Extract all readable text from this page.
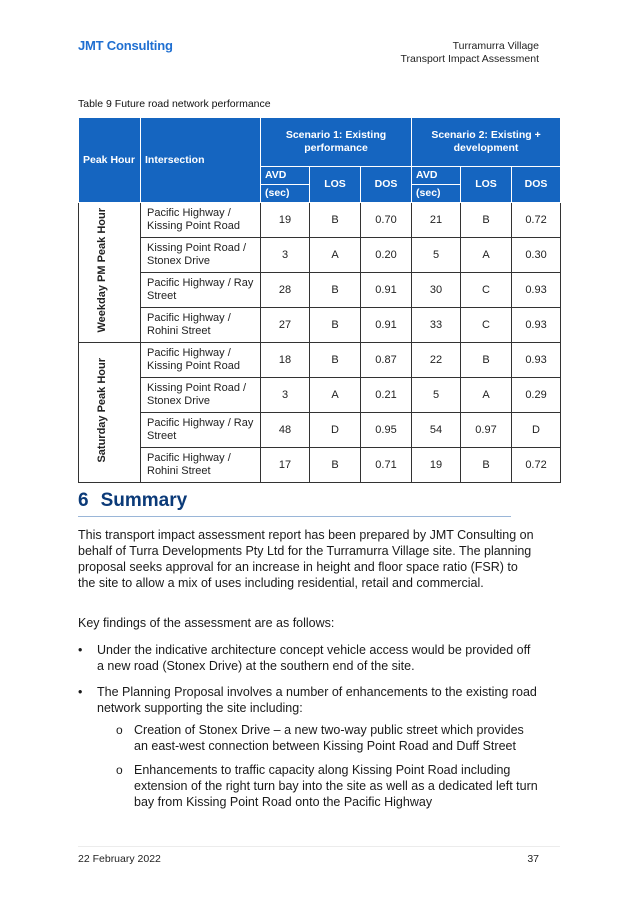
JMT Consulting	Turramurra Village
Transport Impact Assessment
Table 9 Future road network performance
Peak Hour	Intersection	Scenario 1: Existing performance			Scenario 2: Existing + development		
		AVD	LOS	DOS	AVD	LOS	DOS
		(sec)			(sec)		
Weekday PM Peak Hour	Pacific Highway / Kissing Point Road	19	B	0.70	21	B	0.72
	Kissing Point Road / Stonex Drive	3	A	0.20	5	A	0.30
	Pacific Highway / Ray Street	28	B	0.91	30	C	0.93
	Pacific Highway / Rohini Street	27	B	0.91	33	C	0.93
Saturday Peak Hour	Pacific Highway / Kissing Point Road	18	B	0.87	22	B	0.93
	Kissing Point Road / Stonex Drive	3	A	0.21	5	A	0.29
	Pacific Highway / Ray Street	48	D	0.95	54	0.97	D
	Pacific Highway / Rohini Street	17	B	0.71	19	B	0.72
6 Summary

This transport impact assessment report has been prepared by JMT Consulting on behalf of Turra Developments Pty Ltd for the Turramurra Village site. The planning proposal seeks approval for an increase in height and floor space ratio (FSR) to the site to allow a mix of uses including residential, retail and commercial.

Key findings of the assessment are as follows:

• Under the indicative architecture concept vehicle access would be provided off a new road (Stonex Drive) at the southern end of the site.
• The Planning Proposal involves a number of enhancements to the existing road network supporting the site including:
o Creation of Stonex Drive – a new two-way public street which provides an east-west connection between Kissing Point Road and Duff Street
o Enhancements to traffic capacity along Kissing Point Road including extension of the right turn bay into the site as well as a dedicated left turn bay from Kissing Point Road onto the Pacific Highway
22 February 2022	37
